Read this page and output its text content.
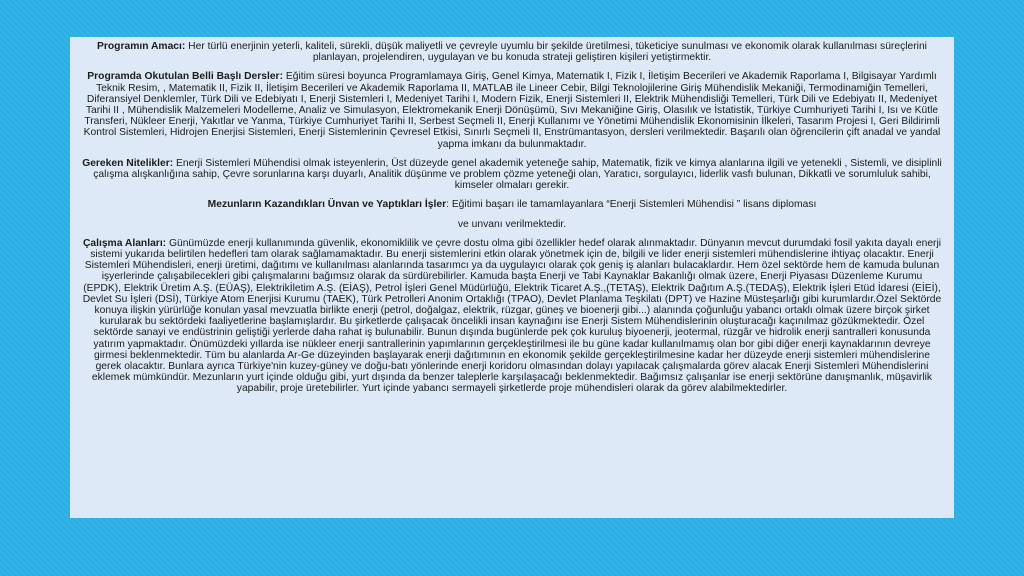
Programın Amacı: Her türlü enerjinin yeterli, kaliteli, sürekli, düşük maliyetli ve çevreyle uyumlu bir şekilde üretilmesi, tüketiciye sunulması ve ekonomik olarak kullanılması süreçlerini planlayan, projelendiren, uygulayan ve bu konuda strateji geliştiren kişileri yetiştirmektir.

Programda Okutulan Belli Başlı Dersler: Eğitim süresi boyunca Programlamaya Giriş, Genel Kimya, Matematik I, Fizik I, İletişim Becerileri ve Akademik Raporlama I, Bilgisayar Yardımlı Teknik Resim, , Matematik II, Fizik II, İletişim Becerileri ve Akademik Raporlama II, MATLAB ile Lineer Cebir, Bilgi Teknolojilerine Giriş Mühendislik Mekaniği, Termodinamiğin Temelleri, Diferansiyel Denklemler, Türk Dili ve Edebiyatı I, Enerji Sistemleri I, Medeniyet Tarihi I, Modern Fizik, Enerji Sistemleri II, Elektrik Mühendisliği Temelleri, Türk Dili ve Edebiyatı II, Medeniyet Tarihi II , Mühendislik Malzemeleri Modelleme, Analiz ve Simulasyon, Elektromekanik Enerji Dönüşümü, Sıvı Mekaniğine Giriş, Olasılık ve İstatistik, Türkiye Cumhuriyeti Tarihi I, Isı ve Kütle Transferi, Nükleer Enerji, Yakıtlar ve Yanma, Türkiye Cumhuriyet Tarihi II, Serbest Seçmeli II, Enerji Kullanımı ve Yönetimi Mühendislik Ekonomisinin İlkeleri, Tasarım Projesi I, Geri Bildirimli Kontrol Sistemleri, Hidrojen Enerjisi Sistemleri, Enerji Sistemlerinin Çevresel Etkisi, Sınırlı Seçmeli II, Enstrümantasyon, dersleri verilmektedir. Başarılı olan öğrencilerin çift anadal ve yandal yapma imkanı da bulunmaktadır.

Gereken Nitelikler: Enerji Sistemleri Mühendisi olmak isteyenlerin, Üst düzeyde genel akademik yeteneğe sahip, Matematik, fizik ve kimya alanlarına ilgili ve yetenekli , Sistemli, ve disiplinli çalışma alışkanlığına sahip, Çevre sorunlarına karşı duyarlı, Analitik düşünme ve problem çözme yeteneği olan, Yaratıcı, sorgulayıcı, liderlik vasfı bulunan, Dikkatli ve sorumluluk sahibi, kimseler olmaları gerekir.

Mezunların Kazandıkları Ünvan ve Yaptıkları İşler: Eğitimi başarı ile tamamlayanlara “Enerji Sistemleri Mühendisi ” lisans diploması

ve unvanı verilmektedir.

Çalışma Alanları: Günümüzde enerji kullanımında güvenlik, ekonomiklilik ve çevre dostu olma gibi özellikler hedef olarak alınmaktadır. Dünyanın mevcut durumdaki fosil yakıta dayalı enerji sistemi yukarıda belirtilen hedefleri tam olarak sağlamamaktadır. Bu enerji sistemlerini etkin olarak yönetmek için de, bilgili ve lider enerji sistemleri mühendislerine ihtiyaç olacaktır. Enerji Sistemleri Mühendisleri, enerji üretimi, dağıtımı ve kullanılması alanlarında tasarımcı ya da uygulayıcı olarak çok geniş iş alanları bulacaklardır. Hem özel sektörde hem de kamuda bulunan işyerlerinde çalışabilecekleri gibi çalışmalarını bağımsız olarak da sürdürebilirler. Kamuda başta Enerji ve Tabi Kaynaklar Bakanlığı olmak üzere, Enerji Piyasası Düzenleme Kurumu (EPDK), Elektrik Üretim A.Ş. (EÜAŞ), Elektrikİletim A.Ş. (EİAŞ), Petrol İşleri Genel Müdürlüğü, Elektrik Ticaret A.Ş.,(TETAŞ), Elektrik Dağıtım A.Ş.(TEDAŞ), Elektrik İşleri Etüd İdaresi (EİEİ), Devlet Su İşleri (DSİ), Türkiye Atom Enerjisi Kurumu (TAEK), Türk Petrolleri Anonim Ortaklığı (TPAO), Devlet Planlama Teşkilatı (DPT) ve Hazine Müsteşarlığı gibi kurumlardır.Özel Sektörde konuya ilişkin yürürlüğe konulan yasal mevzuatla birlikte enerji (petrol, doğalgaz, elektrik, rüzgar, güneş ve bioenerji gibi...) alanında çoğunluğu yabancı ortaklı olmak üzere birçok şirket kurularak bu sektördeki faaliyetlerine başlamışlardır. Bu şirketlerde çalışacak öncelikli insan kaynağını ise Enerji Sistem Mühendislerinin oluşturacağı kaçınılmaz gözükmektedir. Özel sektörde sanayi ve endüstrinin geliştiği yerlerde daha rahat iş bulunabilir. Bunun dışında bugünlerde pek çok kuruluş biyoenerji, jeotermal, rüzgâr ve hidrolik enerji santralleri konusunda yatırım yapmaktadır. Önümüzdeki yıllarda ise nükleer enerji santrallerinin yapımlarının gerçekleştirilmesi ile bu güne kadar kullanılmamış olan bor gibi diğer enerji kaynaklarının devreye girmesi beklenmektedir. Tüm bu alanlarda Ar-Ge düzeyinden başlayarak enerji dağıtımının en ekonomik şekilde gerçekleştirilmesine kadar her düzeyde enerji sistemleri mühendislerine gerek olacaktır. Bunlara ayrıca Türkiye'nin kuzey-güney ve doğu-batı yönlerinde enerji koridoru olmasından dolayı yapılacak çalışmalarda görev alacak Enerji Sistemleri Mühendislerini eklemek mümkündür. Mezunların yurt içinde olduğu gibi, yurt dışında da benzer taleplerle karşılaşacağı beklenmektedir. Bağımsız çalışanlar ise enerji sektörüne danışmanlık, müşavirlik yapabilir, proje üretebilirler. Yurt içinde yabancı sermayeli şirketlerde proje mühendisleri olarak da görev alabilmektedirler.
